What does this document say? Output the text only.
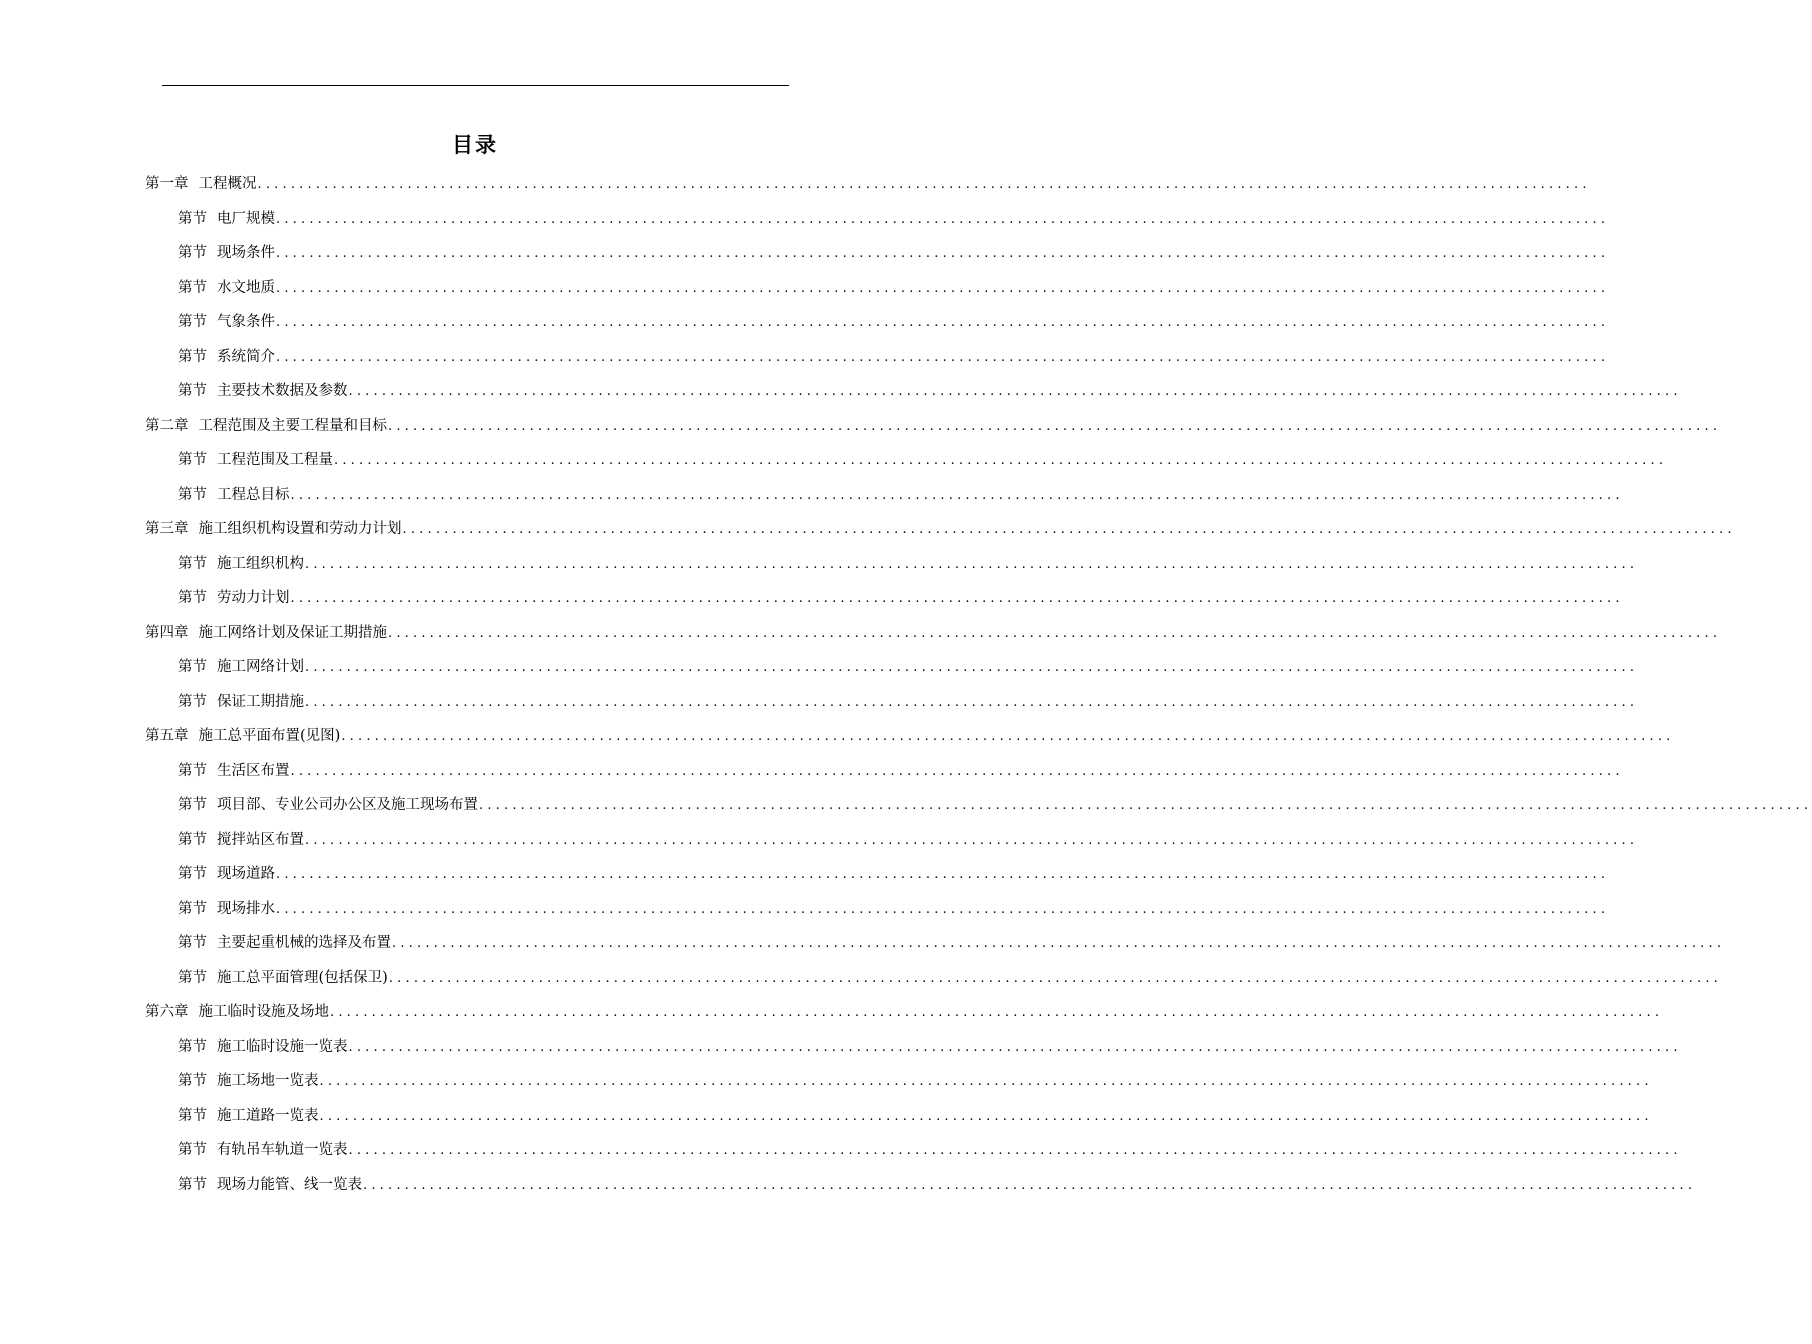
目录
第一章 工程概况 ................................................................................................................................................................
第节 电厂规模 ................................................................................................................................................................
第节 现场条件 ................................................................................................................................................................
第节 水文地质 ................................................................................................................................................................
第节 气象条件 ................................................................................................................................................................
第节 系统简介 ................................................................................................................................................................
第节 主要技术数据及参数 ................................................................................................................................................................
第二章 工程范围及主要工程量和目标 ................................................................................................................................................................
第节 工程范围及工程量 ................................................................................................................................................................
第节 工程总目标 ................................................................................................................................................................
第三章 施工组织机构设置和劳动力计划 ................................................................................................................................................................
第节 施工组织机构 ................................................................................................................................................................
第节 劳动力计划 ................................................................................................................................................................
第四章 施工网络计划及保证工期措施 ................................................................................................................................................................
第节 施工网络计划 ................................................................................................................................................................
第节 保证工期措施 ................................................................................................................................................................
第五章 施工总平面布置(见图) ................................................................................................................................................................
第节 生活区布置 ................................................................................................................................................................
第节 项目部、专业公司办公区及施工现场布置 ................................................................................................................................................................
第节 搅拌站区布置 ................................................................................................................................................................
第节 现场道路 ................................................................................................................................................................
第节 现场排水 ................................................................................................................................................................
第节 主要起重机械的选择及布置 ................................................................................................................................................................
第节 施工总平面管理(包括保卫) ................................................................................................................................................................
第六章 施工临时设施及场地 ................................................................................................................................................................
第节 施工临时设施一览表 ................................................................................................................................................................
第节 施工场地一览表 ................................................................................................................................................................
第节 施工道路一览表 ................................................................................................................................................................
第节 有轨吊车轨道一览表 ................................................................................................................................................................
第节 现场力能管、线一览表 ................................................................................................................................................................
